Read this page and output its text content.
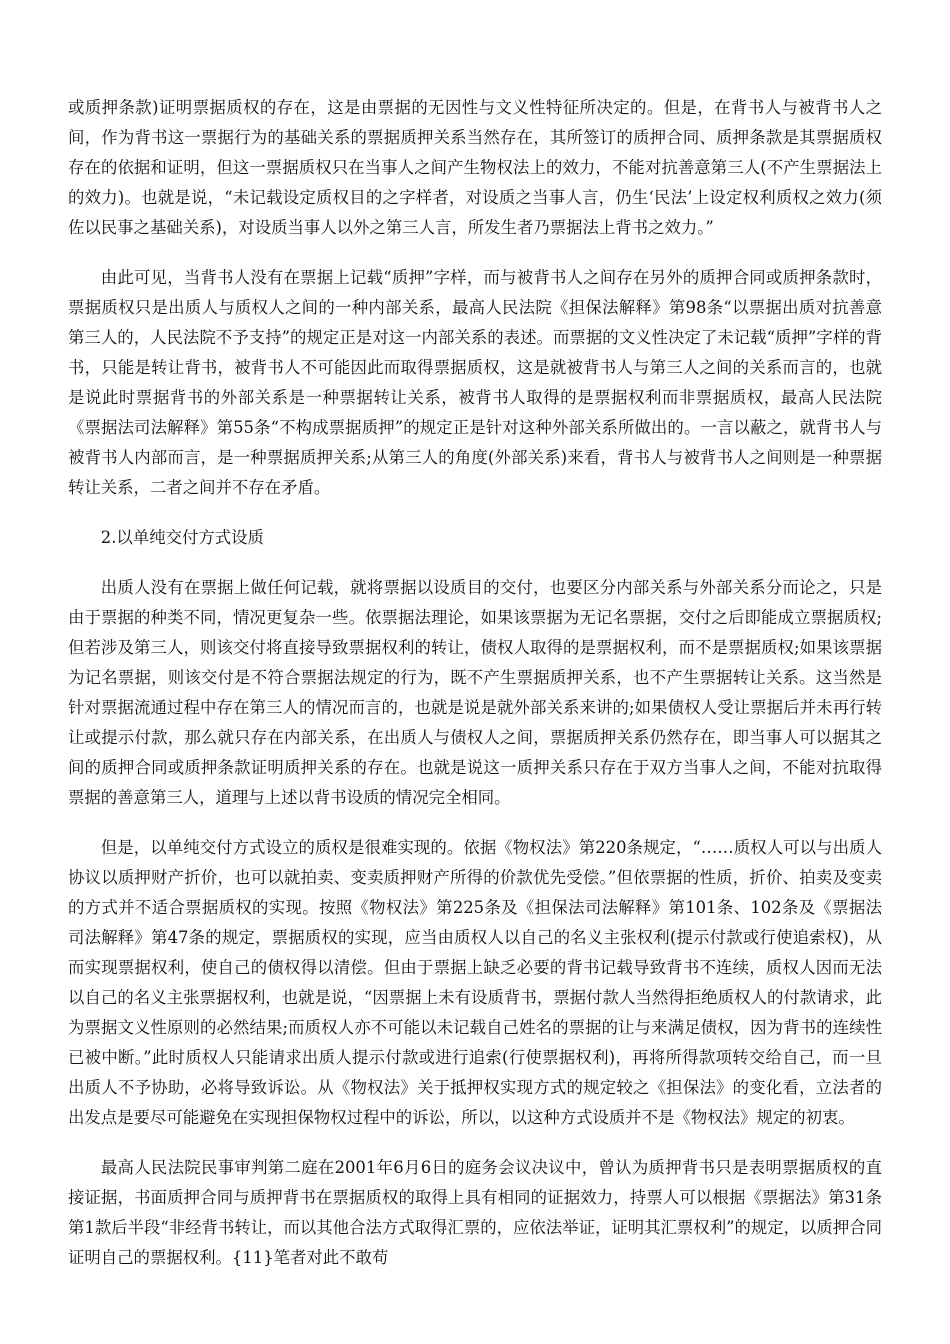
或质押条款)证明票据质权的存在，这是由票据的无因性与文义性特征所决定的。但是，在背书人与被背书人之间，作为背书这一票据行为的基础关系的票据质押关系当然存在，其所签订的质押合同、质押条款是其票据质权存在的依据和证明，但这一票据质权只在当事人之间产生物权法上的效力，不能对抗善意第三人(不产生票据法上的效力)。也就是说，“未记载设定质权目的之字样者，对设质之当事人言，仍生‘民法’上设定权利质权之效力(须佐以民事之基础关系)，对设质当事人以外之第三人言，所发生者乃票据法上背书之效力。”

由此可见，当背书人没有在票据上记载“质押”字样，而与被背书人之间存在另外的质押合同或质押条款时，票据质权只是出质人与质权人之间的一种内部关系，最高人民法院《担保法解释》第98条“以票据出质对抗善意第三人的，人民法院不予支持”的规定正是对这一内部关系的表述。而票据的文义性决定了未记载“质押”字样的背书，只能是转让背书，被背书人不可能因此而取得票据质权，这是就被背书人与第三人之间的关系而言的，也就是说此时票据背书的外部关系是一种票据转让关系，被背书人取得的是票据权利而非票据质权，最高人民法院《票据法司法解释》第55条“不构成票据质押”的规定正是针对这种外部关系所做出的。一言以蔽之，就背书人与被背书人内部而言，是一种票据质押关系;从第三人的角度(外部关系)来看，背书人与被背书人之间则是一种票据转让关系，二者之间并不存在矛盾。

2.以单纯交付方式设质

出质人没有在票据上做任何记载，就将票据以设质目的交付，也要区分内部关系与外部关系分而论之，只是由于票据的种类不同，情况更复杂一些。依票据法理论，如果该票据为无记名票据，交付之后即能成立票据质权;但若涉及第三人，则该交付将直接导致票据权利的转让，债权人取得的是票据权利，而不是票据质权;如果该票据为记名票据，则该交付是不符合票据法规定的行为，既不产生票据质押关系，也不产生票据转让关系。这当然是针对票据流通过程中存在第三人的情况而言的，也就是说是就外部关系来讲的;如果债权人受让票据后并未再行转让或提示付款，那么就只存在内部关系，在出质人与债权人之间，票据质押关系仍然存在，即当事人可以据其之间的质押合同或质押条款证明质押关系的存在。也就是说这一质押关系只存在于双方当事人之间，不能对抗取得票据的善意第三人，道理与上述以背书设质的情况完全相同。

但是，以单纯交付方式设立的质权是很难实现的。依据《物权法》第220条规定，“……质权人可以与出质人协议以质押财产折价，也可以就拍卖、变卖质押财产所得的价款优先受偿。”但依票据的性质，折价、拍卖及变卖的方式并不适合票据质权的实现。按照《物权法》第225条及《担保法司法解释》第101条、102条及《票据法司法解释》第47条的规定，票据质权的实现，应当由质权人以自己的名义主张权利(提示付款或行使追索权)，从而实现票据权利，使自己的债权得以清偿。但由于票据上缺乏必要的背书记载导致背书不连续，质权人因而无法以自己的名义主张票据权利，也就是说，“因票据上未有设质背书，票据付款人当然得拒绝质权人的付款请求，此为票据文义性原则的必然结果;而质权人亦不可能以未记载自己姓名的票据的让与来满足债权，因为背书的连续性已被中断。”此时质权人只能请求出质人提示付款或进行追索(行使票据权利)，再将所得款项转交给自己，而一旦出质人不予协助，必将导致诉讼。从《物权法》关于抵押权实现方式的规定较之《担保法》的变化看，立法者的出发点是要尽可能避免在实现担保物权过程中的诉讼，所以，以这种方式设质并不是《物权法》规定的初衷。

最高人民法院民事审判第二庭在2001年6月6日的庭务会议决议中，曾认为质押背书只是表明票据质权的直接证据，书面质押合同与质押背书在票据质权的取得上具有相同的证据效力，持票人可以根据《票据法》第31条第1款后半段“非经背书转让，而以其他合法方式取得汇票的，应依法举证，证明其汇票权利”的规定，以质押合同证明自己的票据权利。{11}笔者对此不敢苟
